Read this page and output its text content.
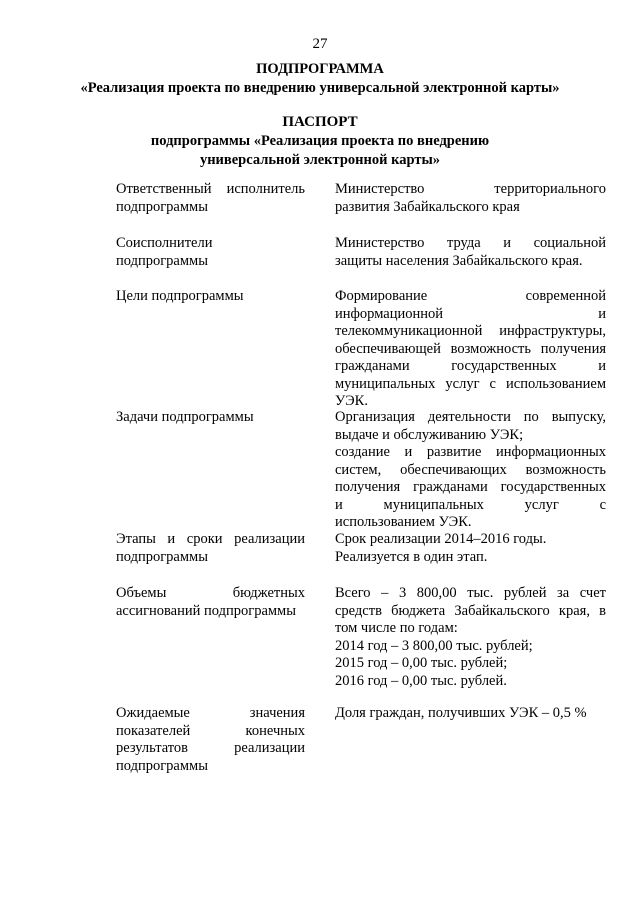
27
ПОДПРОГРАММА
«Реализация проекта по внедрению универсальной электронной карты»
ПАСПОРТ
подпрограммы «Реализация проекта по внедрению
универсальной электронной карты»
Ответственный исполнитель
подпрограммы
Министерство территориального
развития Забайкальского края
Соисполнители
подпрограммы
Министерство труда и социальной
защиты населения Забайкальского края.
Цели подпрограммы	Формирование современной
информационной и
телекоммуникационной инфраструктуры,
обеспечивающей возможность получения
гражданами государственных и
муниципальных услуг с использованием
УЭК.
Задачи подпрограммы	Организация деятельности по выпуску,
выдаче и обслуживанию УЭК;
создание и развитие информационных
систем, обеспечивающих возможность
получения гражданами государственных
и муниципальных услуг с
использованием УЭК.
Этапы и сроки реализации
подпрограммы
Срок реализации 2014–2016 годы.
Реализуется в один этап.
Объемы бюджетных
ассигнований подпрограммы
Всего – 3 800,00 тыс. рублей за счет
средств бюджета Забайкальского края, в
том числе по годам:
2014 год – 3 800,00 тыс. рублей;
2015 год – 0,00 тыс. рублей;
2016 год – 0,00 тыс. рублей.
Ожидаемые значения
показателей конечных
результатов реализации
подпрограммы
Доля граждан, получивших УЭК – 0,5 %
